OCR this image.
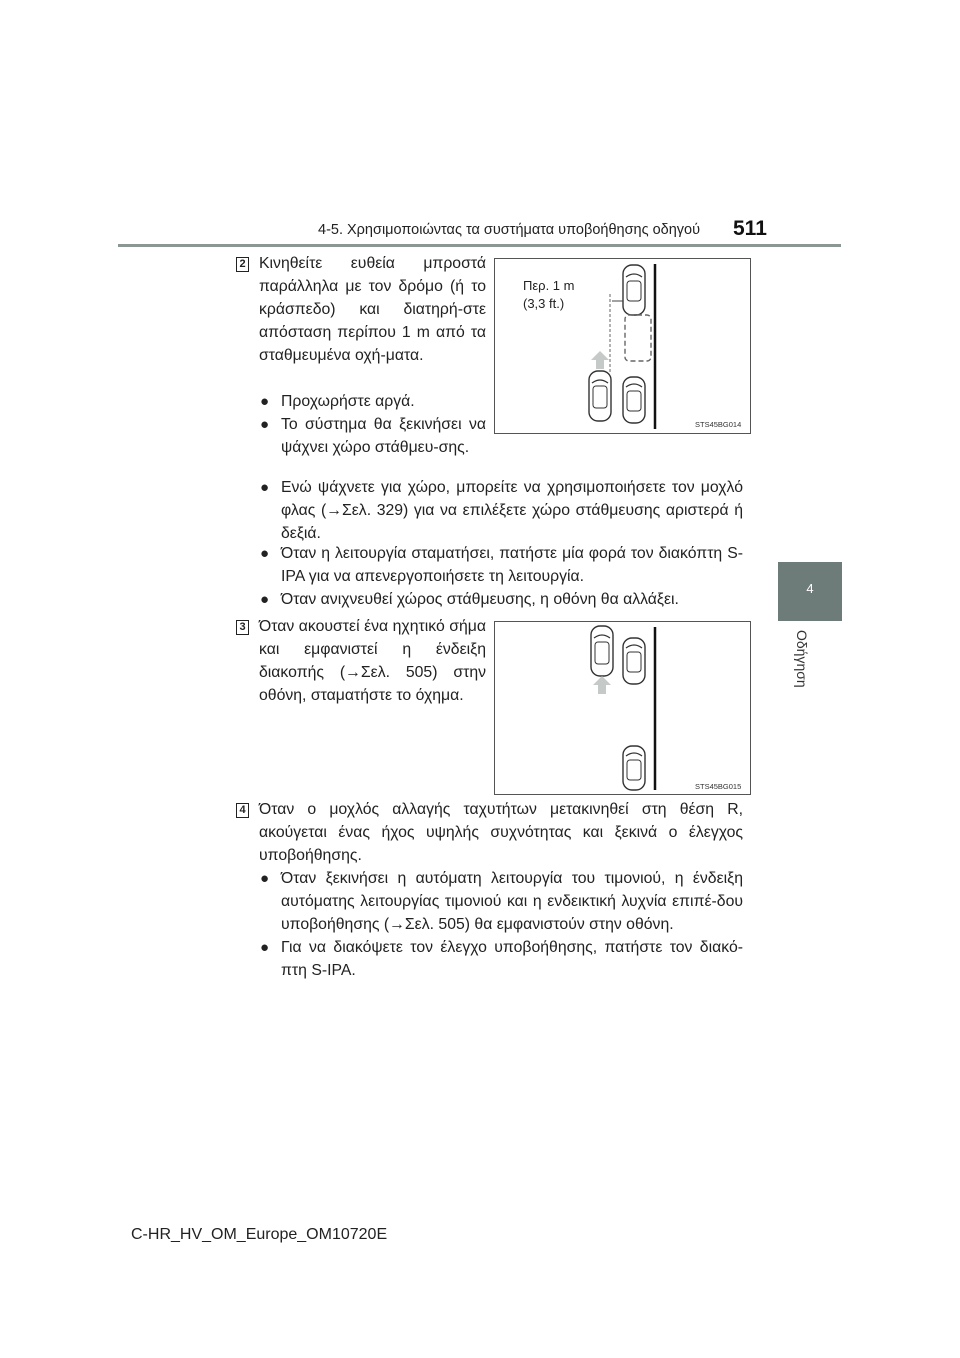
4-5. Χρησιμοποιώντας τα συστήματα υποβοήθησης οδηγού 511
4
Οδήγηση
2 Κινηθείτε ευθεία μπροστά παράλληλα με τον δρόμο (ή το κράσπεδο) και διατηρή-στε απόσταση περίπου 1 m από τα σταθμευμένα οχή-ματα.
● Προχωρήστε αργά.
● Το σύστημα θα ξεκινήσει να ψάχνει χώρο στάθμευ-σης.
● Ενώ ψάχνετε για χώρο, μπορείτε να χρησιμοποιήσετε τον μοχλό φλας (→Σελ. 329) για να επιλέξετε χώρο στάθμευσης αριστερά ή δεξιά.
● Όταν η λειτουργία σταματήσει, πατήστε μία φορά τον διακόπτη S-IPA για να απενεργοποιήσετε τη λειτουργία.
● Όταν ανιχνευθεί χώρος στάθμευσης, η οθόνη θα αλλάξει.
Περ. 1 m
(3,3 ft.)
STS45BG014
3 Όταν ακουστεί ένα ηχητικό σήμα και εμφανιστεί η ένδειξη διακοπής (→Σελ. 505) στην οθόνη, σταματήστε το όχημα.
STS45BG015
4 Όταν ο μοχλός αλλαγής ταχυτήτων μετακινηθεί στη θέση R, ακούγεται ένας ήχος υψηλής συχνότητας και ξεκινά ο έλεγχος υποβοήθησης.
● Όταν ξεκινήσει η αυτόματη λειτουργία του τιμονιού, η ένδειξη αυτόματης λειτουργίας τιμονιού και η ενδεικτική λυχνία επιπέ-δου υποβοήθησης (→Σελ. 505) θα εμφανιστούν στην οθόνη.
● Για να διακόψετε τον έλεγχο υποβοήθησης, πατήστε τον διακό-πτη S-IPA.
C-HR_HV_OM_Europe_OM10720E
